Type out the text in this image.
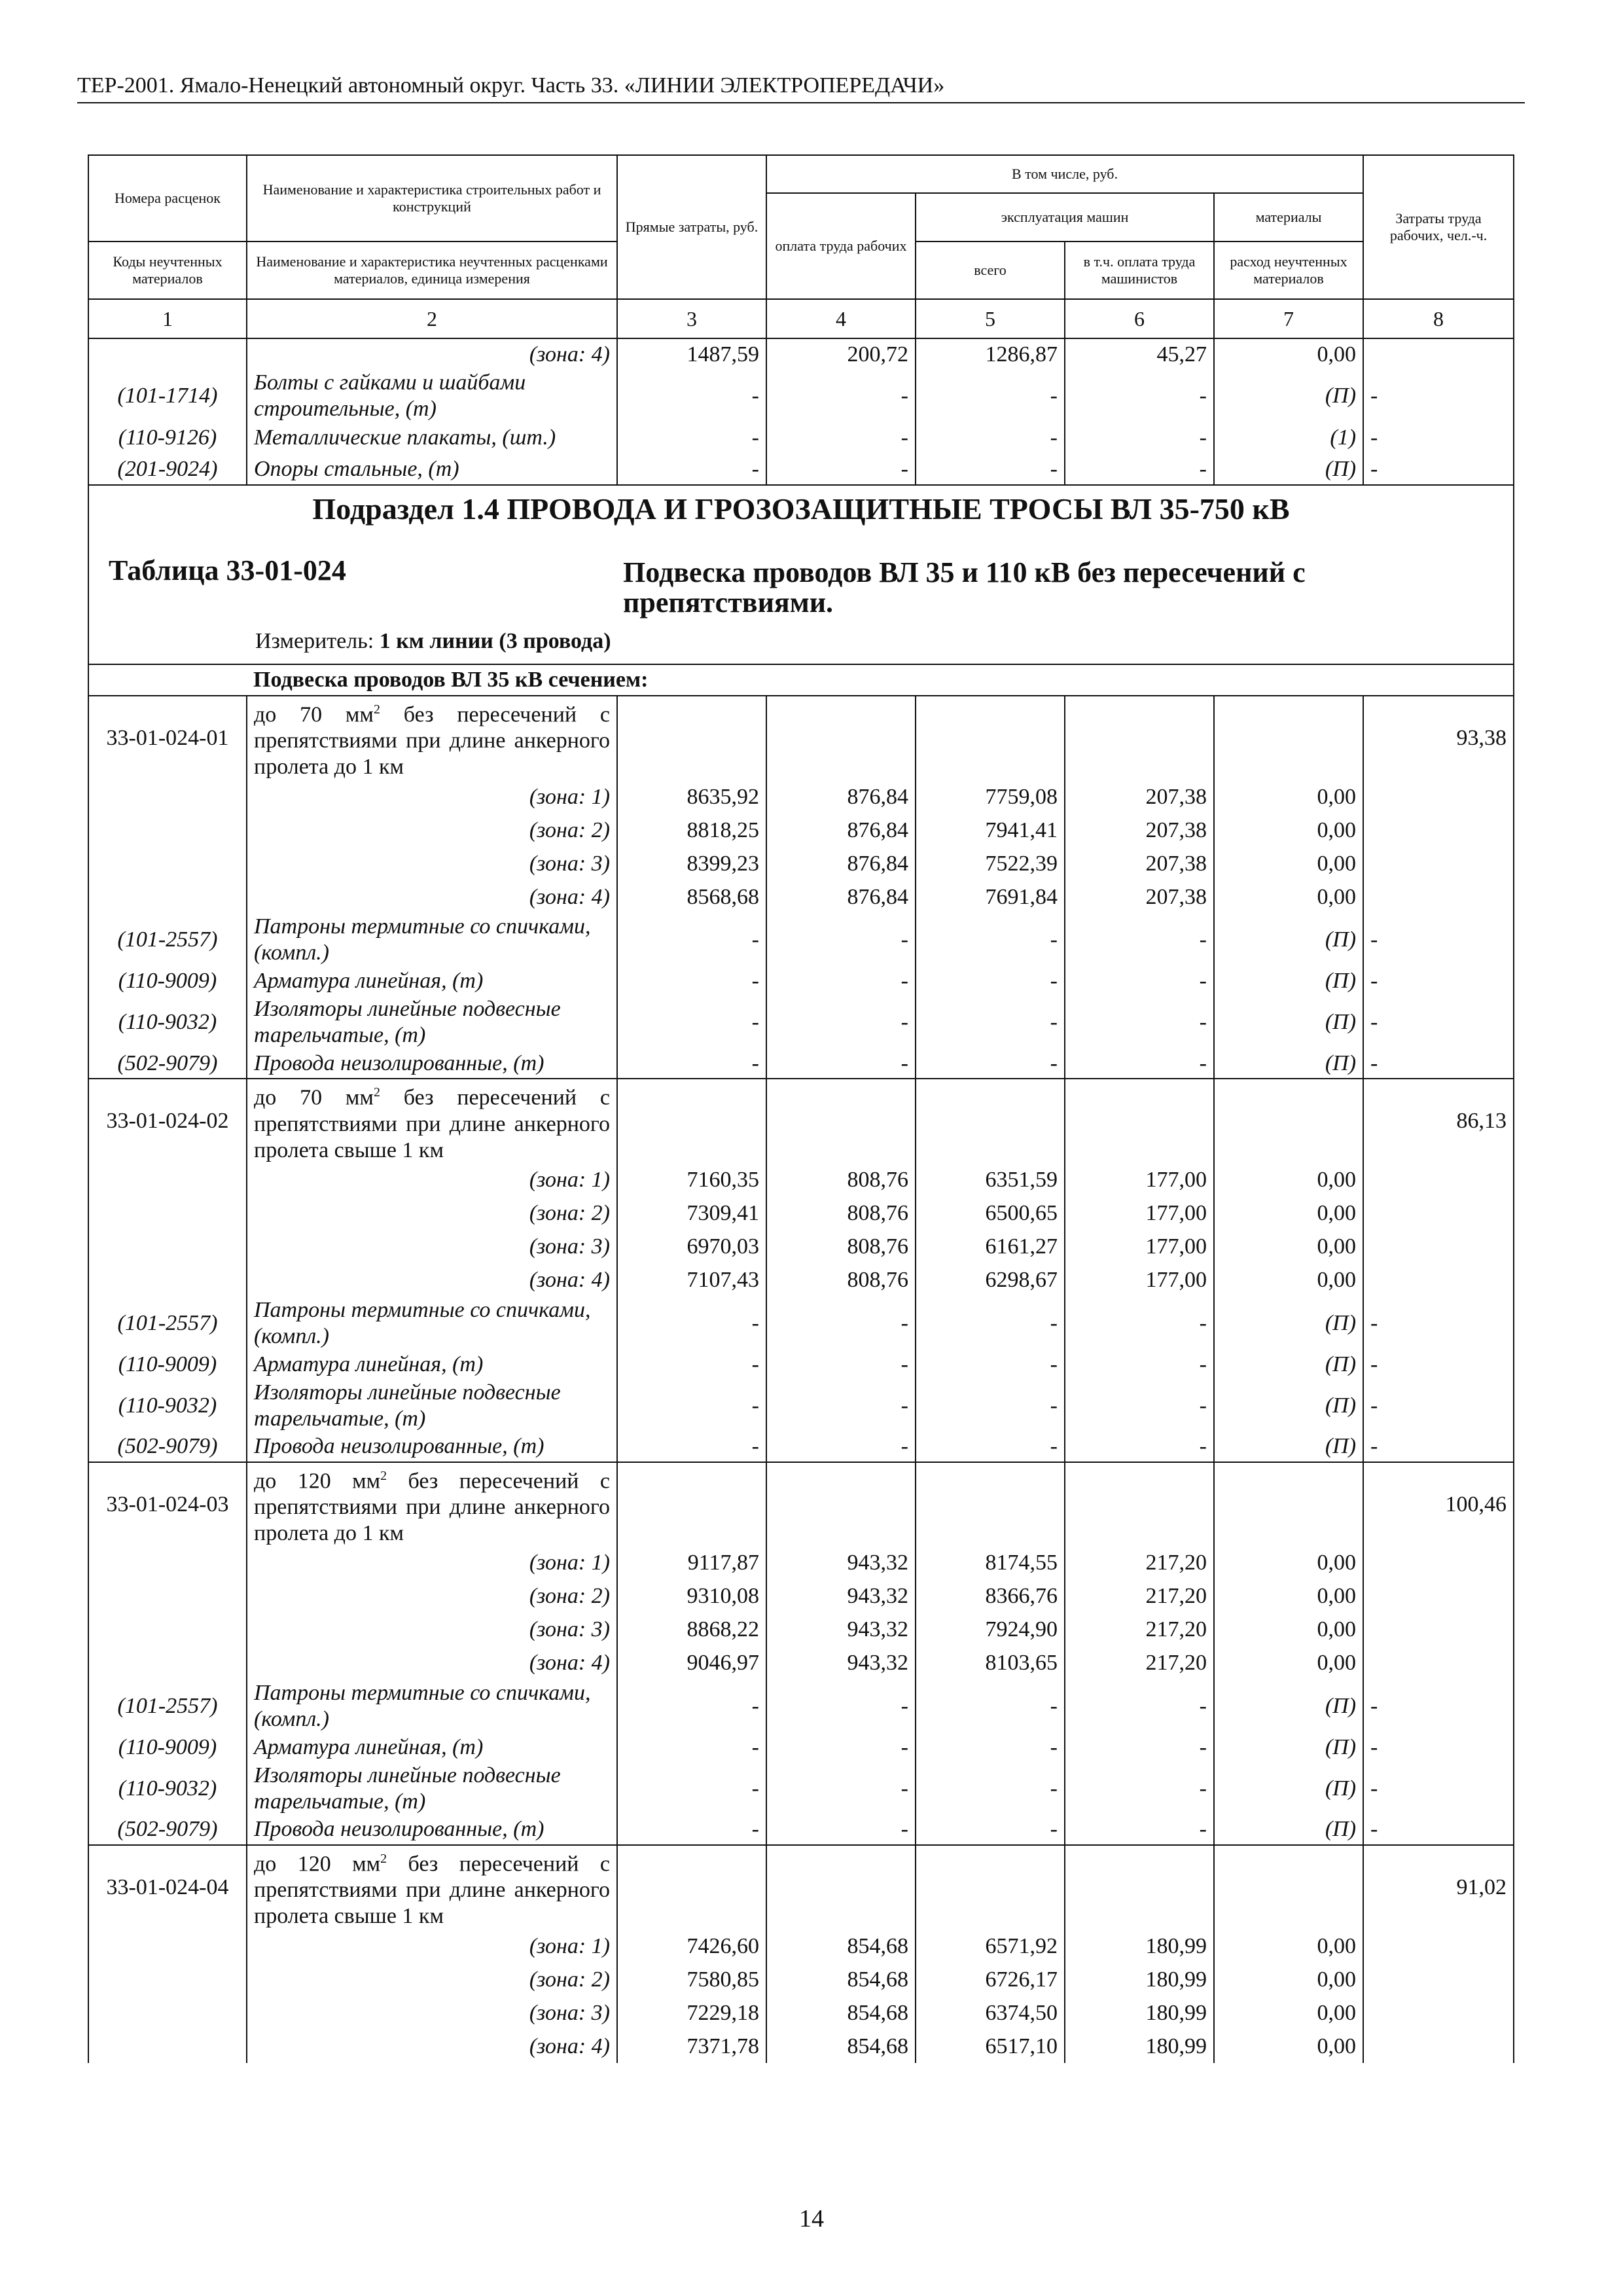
ТЕР-2001. Ямало-Ненецкий автономный округ. Часть 33. «ЛИНИИ ЭЛЕКТРОПЕРЕДАЧИ»
Номера расценок	Наименование и характеристика строительных работ и конструкций	Прямые затраты, руб.	В том числе, руб.				Затраты труда рабочих, чел.-ч.
			оплата труда рабочих	эксплуатация машин		материалы	
Коды неучтенных материалов	Наименование и характеристика неучтенных расценками материалов, единица измерения			всего	в т.ч. оплата труда машинистов	расход неучтенных материалов	

1	2	3	4	5	6	7	8
	(зона: 4)	1487,59	200,72	1286,87	45,27	0,00	
(101-1714)	Болты с гайками и шайбами строительные, (т)	-	-	-	-	(П)	-
(110-9126)	Металлические плакаты, (шт.)	-	-	-	-	(1)	-
(201-9024)	Опоры стальные, (т)	-	-	-	-	(П)	-

Подраздел 1.4 ПРОВОДА И ГРОЗОЗАЩИТНЫЕ ТРОСЫ ВЛ 35-750 кВ
Таблица 33-01-024 Подвеска проводов ВЛ 35 и 110 кВ без пересечений с препятствиями.
Измеритель: 1 км линии (3 провода)							

	Подвеска проводов ВЛ 35 кВ сечением:						
33-01-024-01	до 70 $мм^2$ без пересечений с препятствиями при длине анкерного пролета до 1 км						93,38
	(зона: 1)	8635,92	876,84	7759,08	207,38	0,00	
	(зона: 2)	8818,25	876,84	7941,41	207,38	0,00	
	(зона: 3)	8399,23	876,84	7522,39	207,38	0,00	
	(зона: 4)	8568,68	876,84	7691,84	207,38	0,00	
(101-2557)	Патроны термитные со спичками, (компл.)	-	-	-	-	(П)	-
(110-9009)	Арматура линейная, (т)	-	-	-	-	(П)	-
(110-9032)	Изоляторы линейные подвесные тарельчатые, (т)	-	-	-	-	(П)	-
(502-9079)	Провода неизолированные, (т)	-	-	-	-	(П)	-
33-01-024-02	до 70 $мм^2$ без пересечений с препятствиями при длине анкерного пролета свыше 1 км						86,13
	(зона: 1)	7160,35	808,76	6351,59	177,00	0,00	
	(зона: 2)	7309,41	808,76	6500,65	177,00	0,00	
	(зона: 3)	6970,03	808,76	6161,27	177,00	0,00	
	(зона: 4)	7107,43	808,76	6298,67	177,00	0,00	
(101-2557)	Патроны термитные со спичками, (компл.)	-	-	-	-	(П)	-
(110-9009)	Арматура линейная, (т)	-	-	-	-	(П)	-
(110-9032)	Изоляторы линейные подвесные тарельчатые, (т)	-	-	-	-	(П)	-
(502-9079)	Провода неизолированные, (т)	-	-	-	-	(П)	-
33-01-024-03	до 120 $мм^2$ без пересечений с препятствиями при длине анкерного пролета до 1 км						100,46
	(зона: 1)	9117,87	943,32	8174,55	217,20	0,00	
	(зона: 2)	9310,08	943,32	8366,76	217,20	0,00	
	(зона: 3)	8868,22	943,32	7924,90	217,20	0,00	
	(зона: 4)	9046,97	943,32	8103,65	217,20	0,00	
(101-2557)	Патроны термитные со спичками, (компл.)	-	-	-	-	(П)	-
(110-9009)	Арматура линейная, (т)	-	-	-	-	(П)	-
(110-9032)	Изоляторы линейные подвесные тарельчатые, (т)	-	-	-	-	(П)	-
(502-9079)	Провода неизолированные, (т)	-	-	-	-	(П)	-
33-01-024-04	до 120 $мм^2$ без пересечений с препятствиями при длине анкерного пролета свыше 1 км						91,02
	(зона: 1)	7426,60	854,68	6571,92	180,99	0,00	
	(зона: 2)	7580,85	854,68	6726,17	180,99	0,00	
	(зона: 3)	7229,18	854,68	6374,50	180,99	0,00	
	(зона: 4)	7371,78	854,68	6517,10	180,99	0,00	
14
